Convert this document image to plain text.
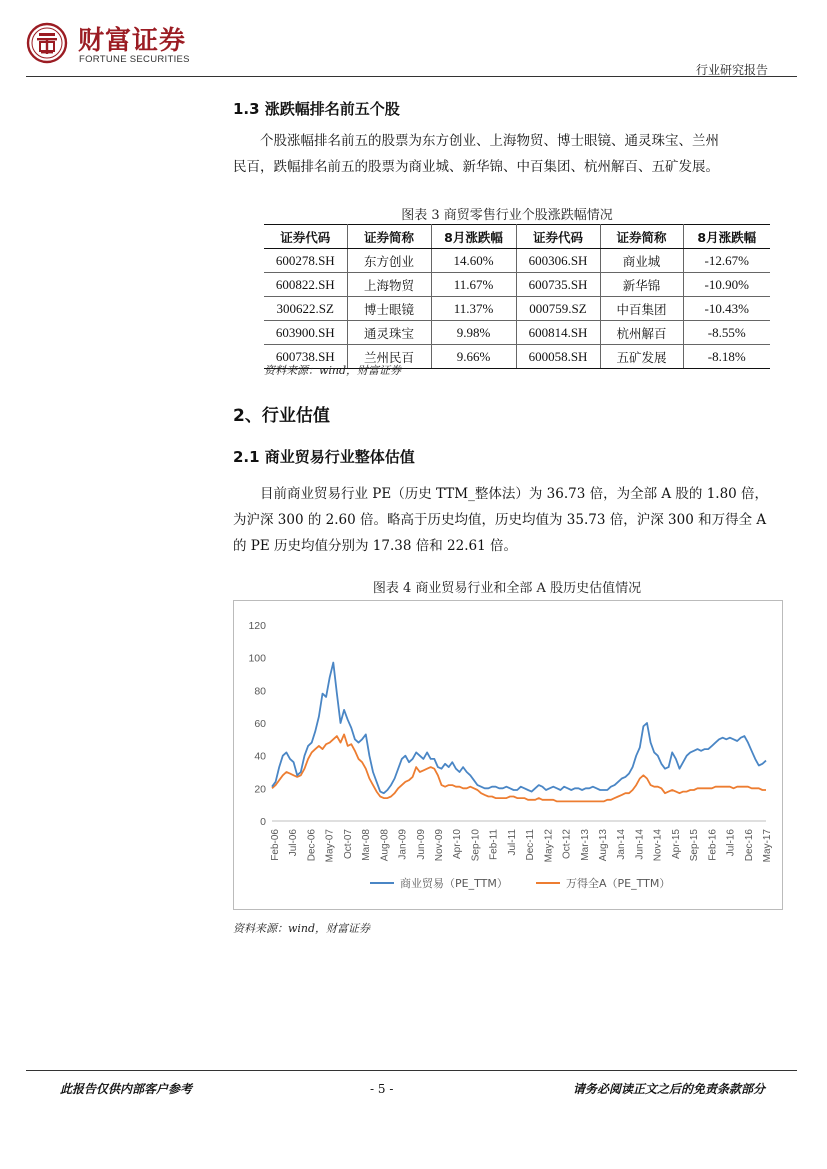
财富证券
FORTUNE SECURITIES
行业研究报告
1.3 涨跌幅排名前五个股

个股涨幅排名前五的股票为东方创业、上海物贸、博士眼镜、通灵珠宝、兰州

民百，跌幅排名前五的股票为商业城、新华锦、中百集团、杭州解百、五矿发展。

图表 3 商贸零售行业个股涨跌幅情况
证券代码	证券简称	8月涨跌幅	证券代码	证券简称	8月涨跌幅
600278.SH	东方创业	14.60%	600306.SH	商业城	-12.67%
600822.SH	上海物贸	11.67%	600735.SH	新华锦	-10.90%
300622.SZ	博士眼镜	11.37%	000759.SZ	中百集团	-10.43%
603900.SH	通灵珠宝	9.98%	600814.SH	杭州解百	-8.55%
600738.SH	兰州民百	9.66%	600058.SH	五矿发展	-8.18%
资料来源：wind，财富证券
2、行业估值
2.1 商业贸易行业整体估值

目前商业贸易行业 PE（历史 TTM_整体法）为 36.73 倍，为全部 A 股的 1.80 倍，

为沪深 300 的 2.60 倍。略高于历史均值，历史均值为 35.73 倍，沪深 300 和万得全 A

的 PE 历史均值分别为 17.38 倍和 22.61 倍。

图表 4 商业贸易行业和全部 A 股历史估值情况
0
20
40
60
80
100
120
Feb-06 Jul-06 Dec-06 May-07 Oct-07 Mar-08 Aug-08 Jan-09 Jun-09 Nov-09 Apr-10 Sep-10 Feb-11 Jul-11 Dec-11 May-12 Oct-12 Mar-13 Aug-13 Jan-14 Jun-14 Nov-14 Apr-15 Sep-15 Feb-16 Jul-16 Dec-16 May-17
商业贸易（PE_TTM）	万得全A（PE_TTM）
资料来源：wind，财富证券
此报告仅供内部客户参考	- 5 -	请务必阅读正文之后的免责条款部分
